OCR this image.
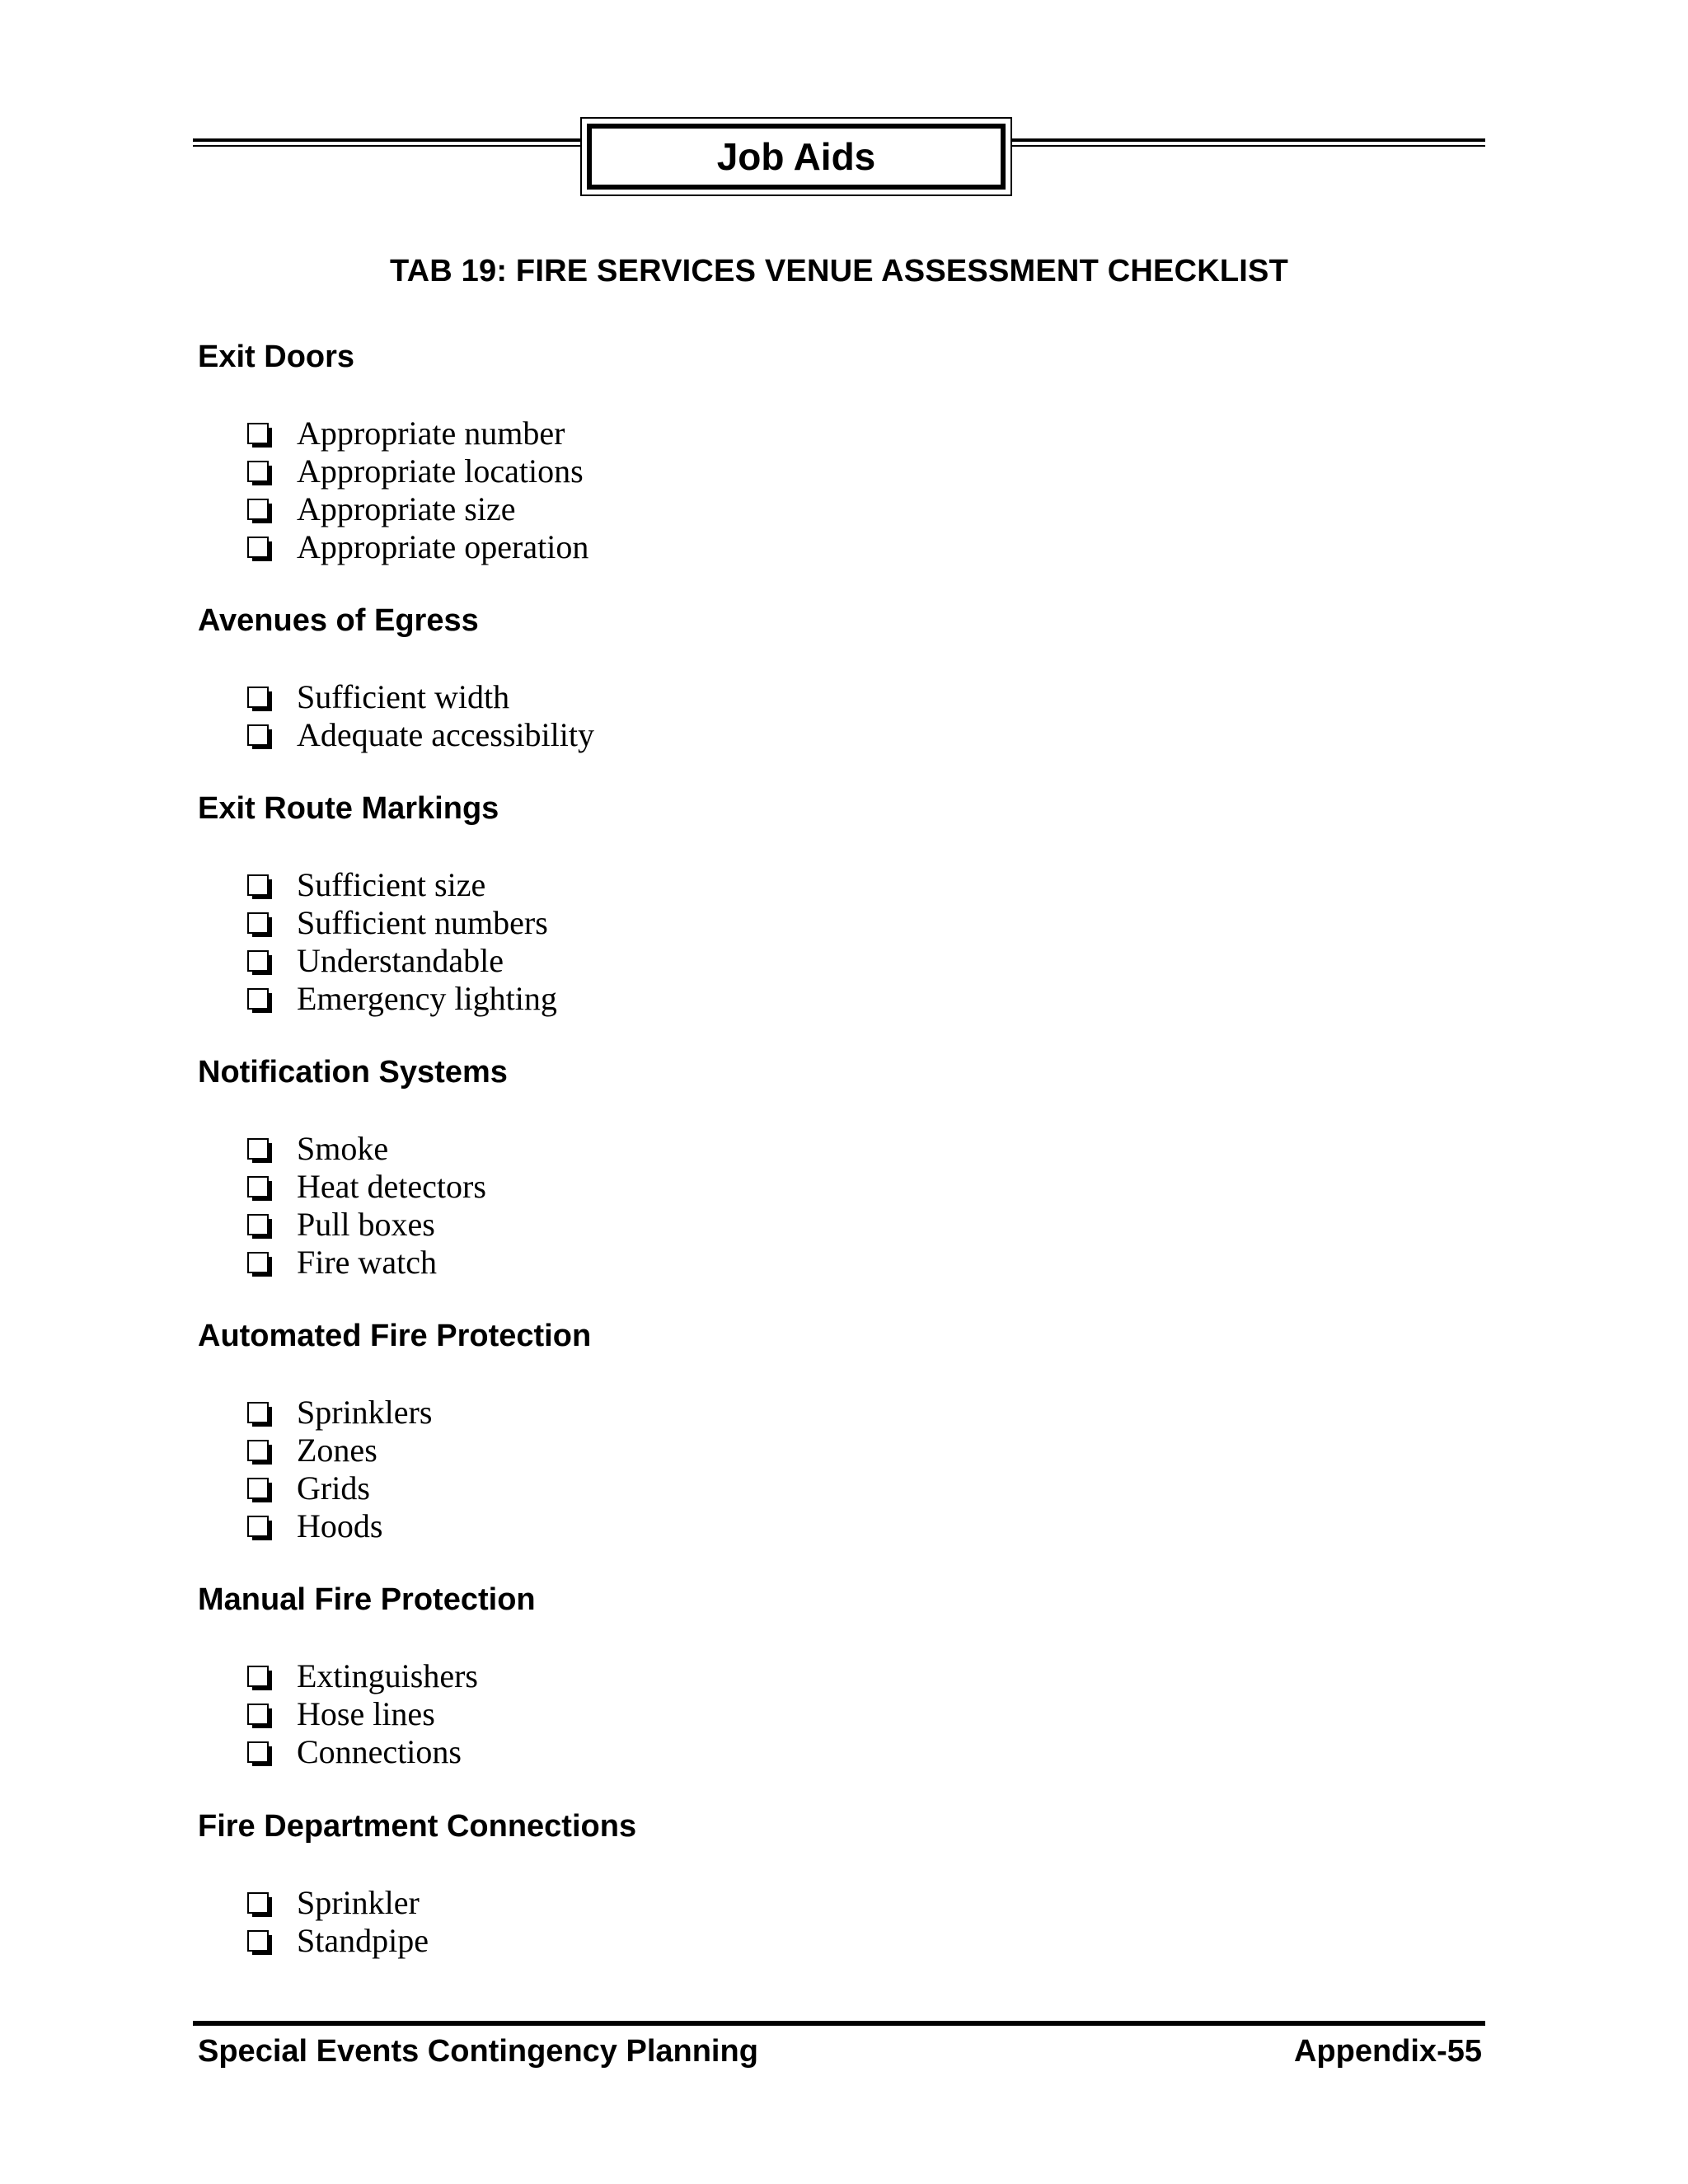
Job Aids
TAB 19: FIRE SERVICES VENUE ASSESSMENT CHECKLIST
Exit Doors
Appropriate number
Appropriate locations
Appropriate size
Appropriate operation
Avenues of Egress
Sufficient width
Adequate accessibility
Exit Route Markings
Sufficient size
Sufficient numbers
Understandable
Emergency lighting
Notification Systems
Smoke
Heat detectors
Pull boxes
Fire watch
Automated Fire Protection
Sprinklers
Zones
Grids
Hoods
Manual Fire Protection
Extinguishers
Hose lines
Connections
Fire Department Connections
Sprinkler
Standpipe
Special Events Contingency Planning	Appendix-55
